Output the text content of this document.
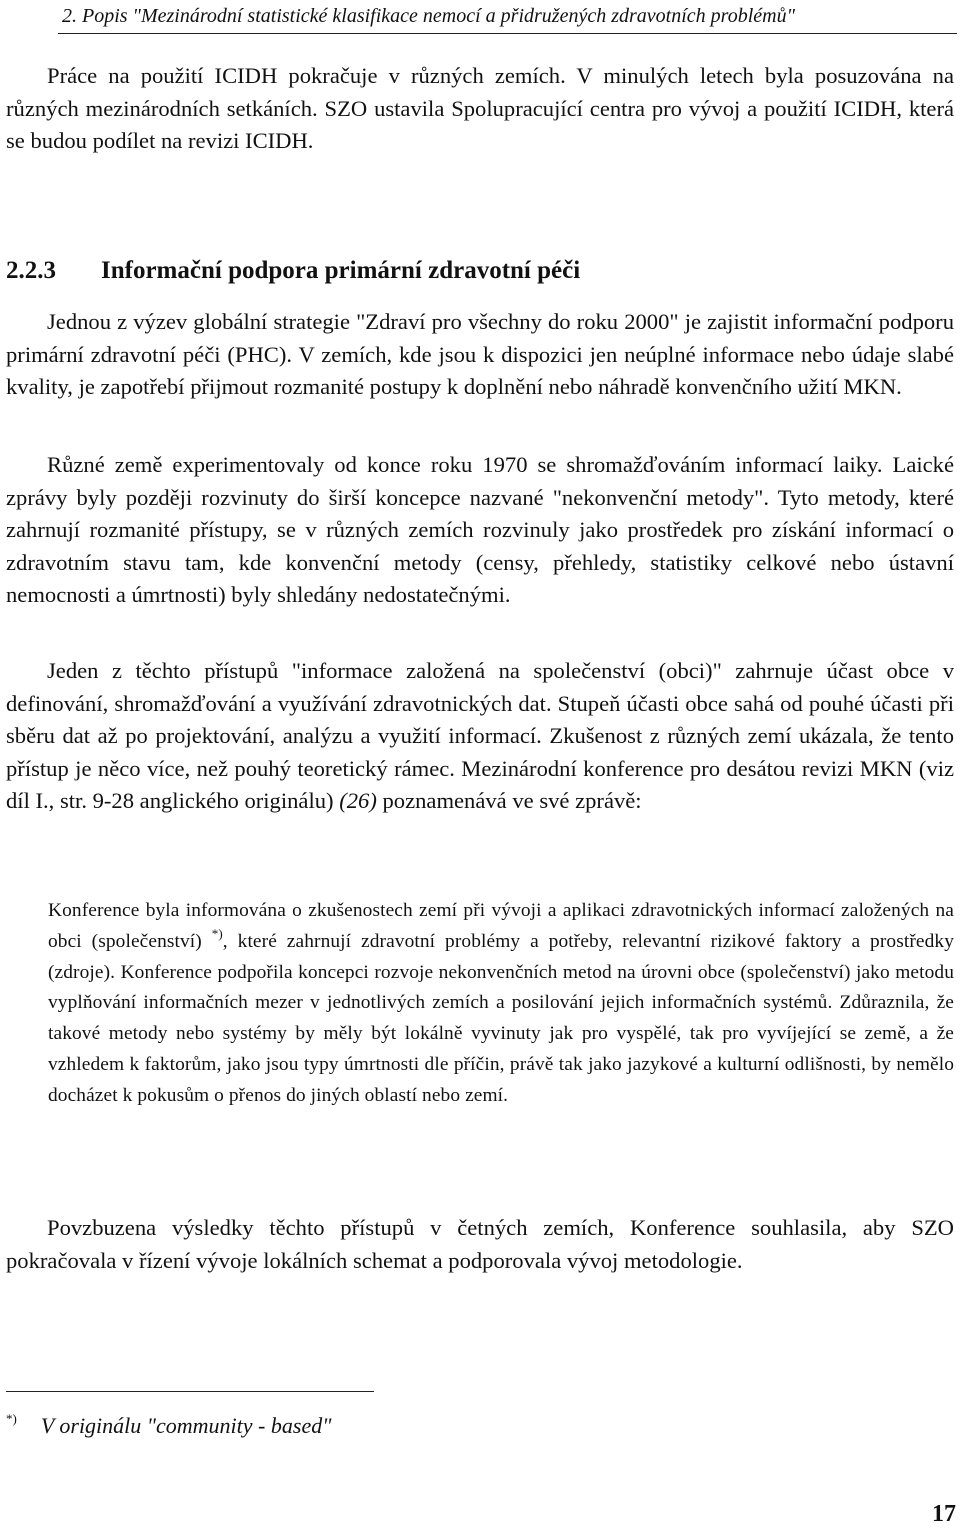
2. Popis "Mezinárodní statistické klasifikace nemocí a přidružených zdravotních problémů"

Práce na použití ICIDH pokračuje v různých zemích. V minulých letech byla posuzována na různých mezinárodních setkáních. SZO ustavila Spolupracující centra pro vývoj a použití ICIDH, která se budou podílet na revizi ICIDH.

2.2.3 Informační podpora primární zdravotní péči

Jednou z výzev globální strategie "Zdraví pro všechny do roku 2000" je zajistit informační podporu primární zdravotní péči (PHC). V zemích, kde jsou k dispozici jen neúplné informace nebo údaje slabé kvality, je zapotřebí přijmout rozmanité postupy k doplnění nebo náhradě konvenčního užití MKN.

Různé země experimentovaly od konce roku 1970 se shromažďováním informací laiky. Laické zprávy byly později rozvinuty do širší koncepce nazvané "nekonvenční metody". Tyto metody, které zahrnují rozmanité přístupy, se v různých zemích rozvinuly jako prostředek pro získání informací o zdravotním stavu tam, kde konvenční metody (censy, přehledy, statistiky celkové nebo ústavní nemocnosti a úmrtnosti) byly shledány nedostatečnými.

Jeden z těchto přístupů "informace založená na společenství (obci)" zahrnuje účast obce v definování, shromažďování a využívání zdravotnických dat. Stupeň účasti obce sahá od pouhé účasti při sběru dat až po projektování, analýzu a využití informací. Zkušenost z různých zemí ukázala, že tento přístup je něco více, než pouhý teoretický rámec. Mezinárodní konference pro desátou revizi MKN (viz díl I., str. 9-28 anglického originálu) (26) poznamenává ve své zprávě:

Konference byla informována o zkušenostech zemí při vývoji a aplikaci zdravotnických informací založených na obci (společenství) *), které zahrnují zdravotní problémy a potřeby, relevantní rizikové faktory a prostředky (zdroje). Konference podpořila koncepci rozvoje nekonvenčních metod na úrovni obce (společenství) jako metodu vyplňování informačních mezer v jednotlivých zemích a posilování jejich informačních systémů. Zdůraznila, že takové metody nebo systémy by měly být lokálně vyvinuty jak pro vyspělé, tak pro vyvíjející se země, a že vzhledem k faktorům, jako jsou typy úmrtnosti dle příčin, právě tak jako jazykové a kulturní odlišnosti, by nemělo docházet k pokusům o přenos do jiných oblastí nebo zemí.

Povzbuzena výsledky těchto přístupů v četných zemích, Konference souhlasila, aby SZO pokračovala v řízení vývoje lokálních schemat a podporovala vývoj metodologie.

*) V originálu "community - based"
17
